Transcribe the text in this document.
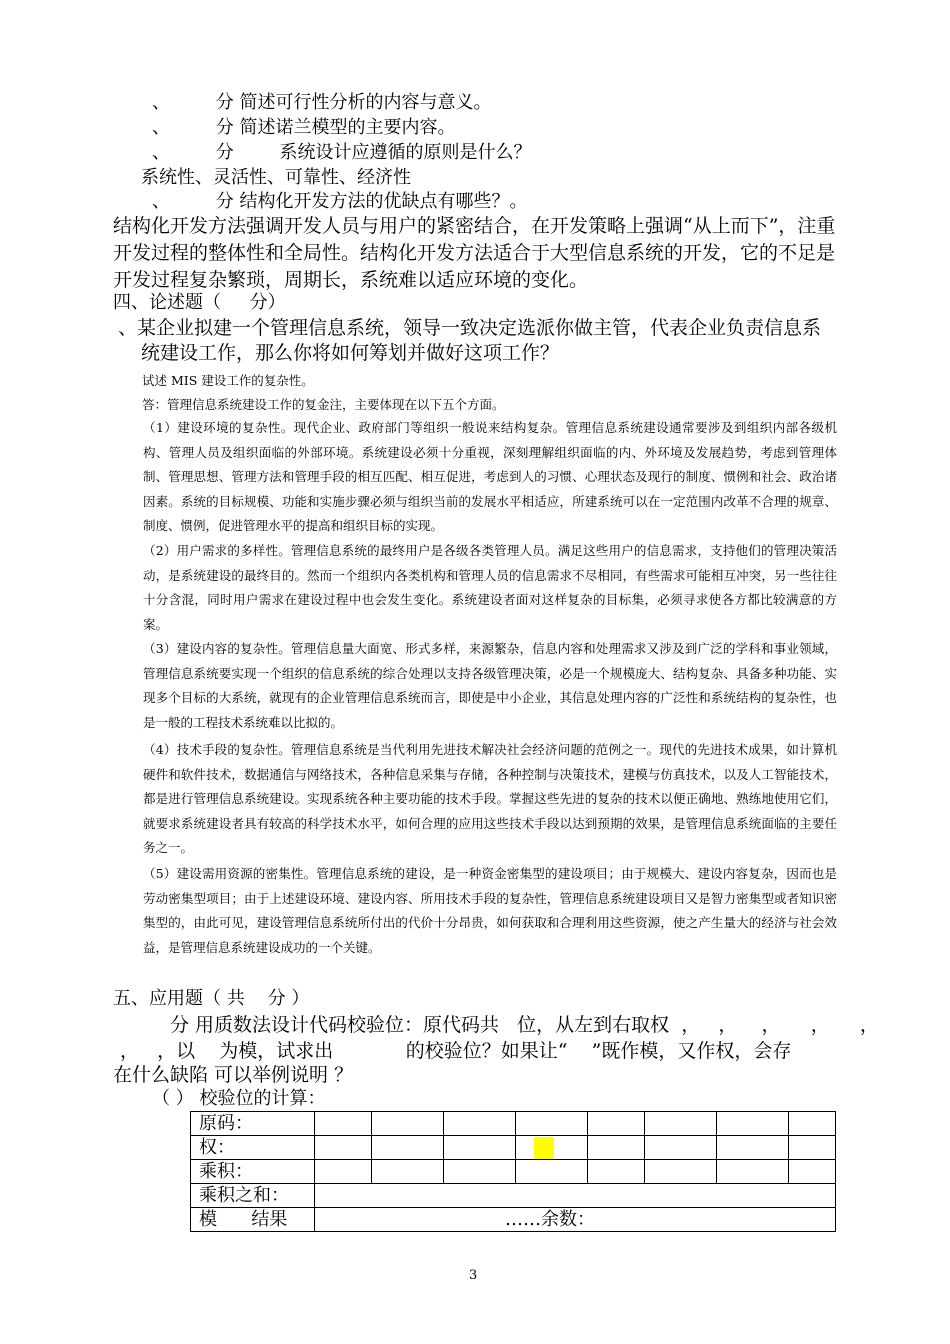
、        分 简述可行性分析的内容与意义。
、        分 简述诺兰模型的主要内容。
、        分        系统设计应遵循的原则是什么？
系统性、灵活性、可靠性、经济性
、        分 结构化开发方法的优缺点有哪些？。
结构化开发方法强调开发人员与用户的紧密结合，在开发策略上强调“从上而下”，注重开发过程的整体性和全局性。结构化开发方法适合于大型信息系统的开发，它的不足是开发过程复杂繁琐，周期长，系统难以适应环境的变化。
四、论述题（     分）
、某企业拟建一个管理信息系统，领导一致决定选派你做主管，代表企业负责信息系
统建设工作，那么你将如何筹划并做好这项工作？
试述 MIS 建设工作的复杂性。
答：管理信息系统建设工作的复金注，主要体现在以下五个方面。
（1）建设环境的复杂性。现代企业、政府部门等组织一般说来结构复杂。管理信息系统建设通常要涉及到组织内部各级机构、管理人员及组织面临的外部环境。系统建设必须十分重视，深刻理解组织面临的内、外环境及发展趋势，考虑到管理体制、管理思想、管理方法和管理手段的相互匹配、相互促进，考虑到人的习惯、心理状态及现行的制度、惯例和社会、政治诸因素。系统的目标规模、功能和实施步骤必须与组织当前的发展水平相适应，所建系统可以在一定范围内改革不合理的规章、制度、惯例，促进管理水平的提高和组织目标的实现。
（2）用户需求的多样性。管理信息系统的最终用户是各级各类管理人员。满足这些用户的信息需求，支持他们的管理决策活动，是系统建设的最终目的。然而一个组织内各类机构和管理人员的信息需求不尽相同，有些需求可能相互冲突，另一些往往十分含混，同时用户需求在建设过程中也会发生变化。系统建设者面对这样复杂的目标集，必须寻求使各方都比较满意的方案。
（3）建设内容的复杂性。管理信息量大面宽、形式多样，来源繁杂，信息内容和处理需求又涉及到广泛的学科和事业领域，管理信息系统要实现一个组织的信息系统的综合处理以支持各级管理决策，必是一个规模庞大、结构复杂、具备多种功能、实现多个目标的大系统，就现有的企业管理信息系统而言，即使是中小企业，其信息处理内容的广泛性和系统结构的复杂性，也是一般的工程技术系统难以比拟的。
（4）技术手段的复杂性。管理信息系统是当代利用先进技术解决社会经济问题的范例之一。现代的先进技术成果，如计算机硬件和软件技术，数据通信与网络技术，各种信息采集与存储，各种控制与决策技术，建模与仿真技术，以及人工智能技术，都是进行管理信息系统建设。实现系统各种主要功能的技术手段。掌握这些先进的复杂的技术以便正确地、熟练地使用它们，就要求系统建设者具有较高的科学技术水平，如何合理的应用这些技术手段以达到预期的效果，是管理信息系统面临的主要任务之一。
（5）建设需用资源的密集性。管理信息系统的建设，是一种资金密集型的建设项目；由于规模大、建设内容复杂，因而也是劳动密集型项目；由于上述建设环境、建设内容、所用技术手段的复杂性，管理信息系统建设项目又是智力密集型或者知识密集型的，由此可见，建设管理信息系统所付出的代价十分昂贵，如何获取和合理利用这些资源，使之产生量大的经济与社会效益，是管理信息系统建设成功的一个关键。
五、应用题（ 共    分 ）
分 用质数法设计代码校验位：原代码共   位，从左到右取权  ，   ，    ，     ，     ，
，   ，以    为模，试求出            的校验位？如果让“    ”既作模，又作权，会存
在什么缺陷 可以举例说明 ？
（ ） 校验位的计算：
原码：								
权：								
乘积：								
乘积之和：								
模      结果	……余数：							
3
